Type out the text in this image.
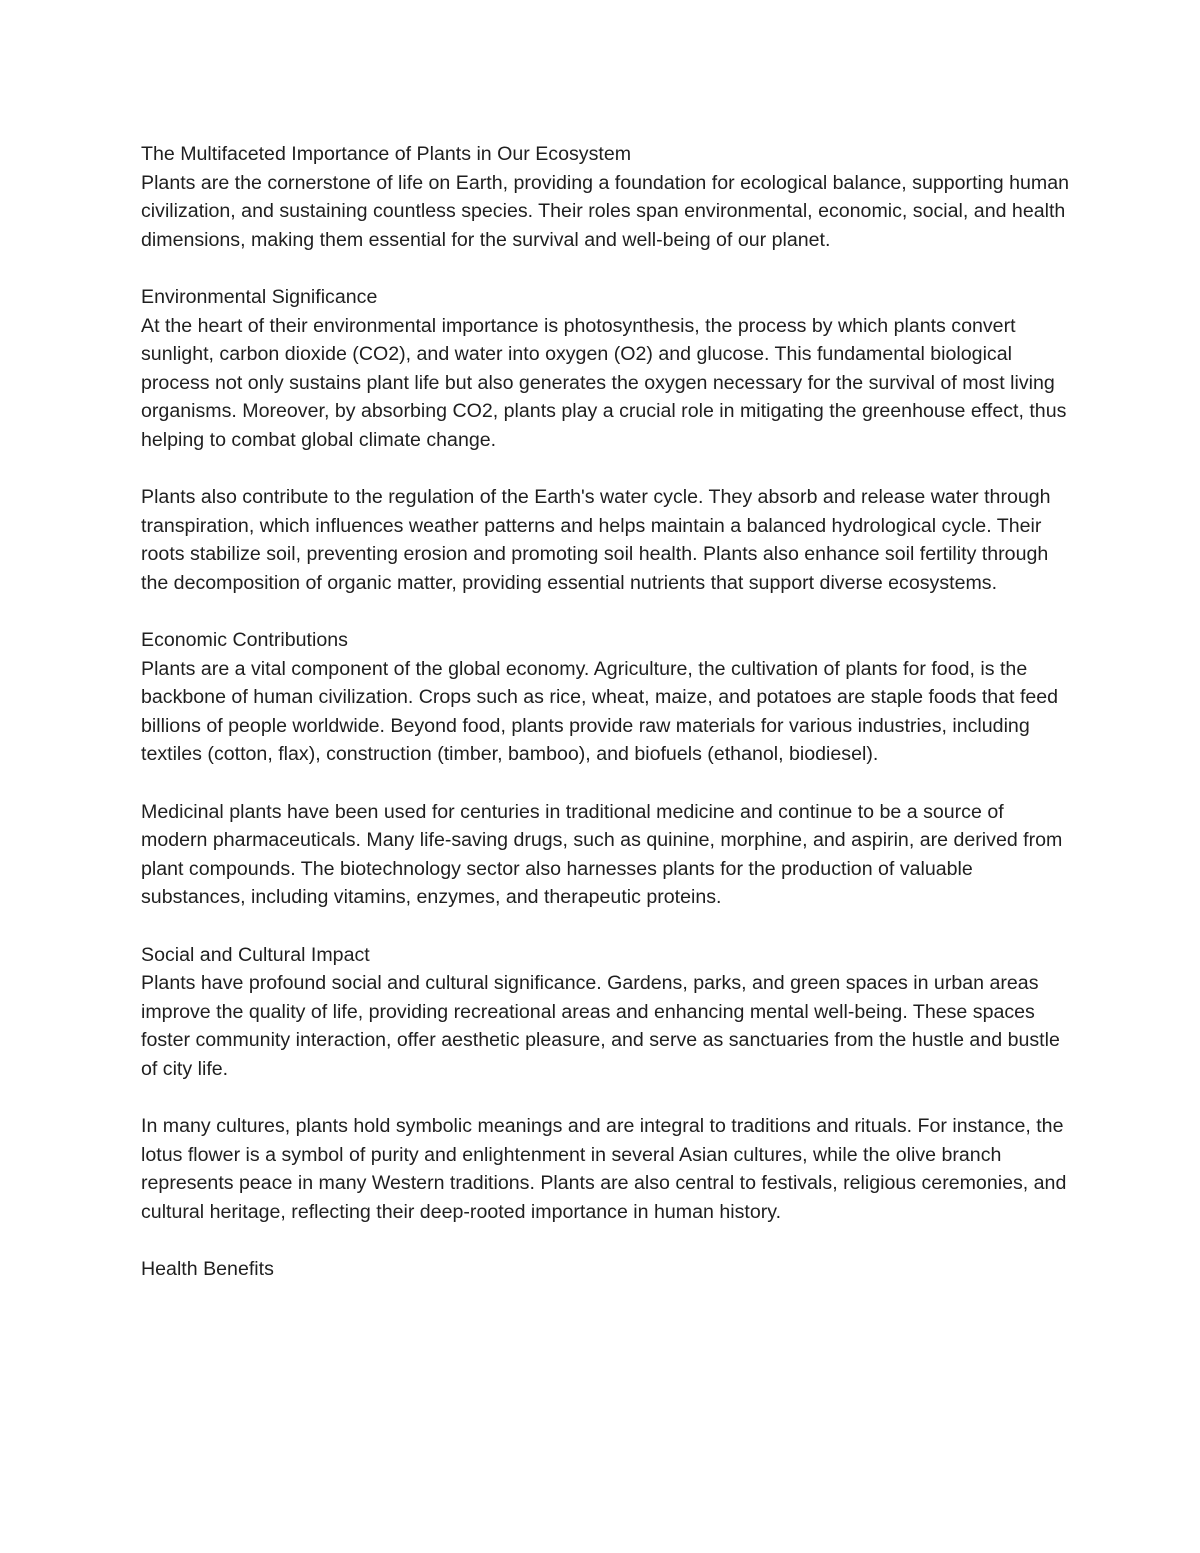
The Multifaceted Importance of Plants in Our Ecosystem

Plants are the cornerstone of life on Earth, providing a foundation for ecological balance, supporting human civilization, and sustaining countless species. Their roles span environmental, economic, social, and health dimensions, making them essential for the survival and well-being of our planet.

Environmental Significance

At the heart of their environmental importance is photosynthesis, the process by which plants convert sunlight, carbon dioxide (CO2), and water into oxygen (O2) and glucose. This fundamental biological process not only sustains plant life but also generates the oxygen necessary for the survival of most living organisms. Moreover, by absorbing CO2, plants play a crucial role in mitigating the greenhouse effect, thus helping to combat global climate change.

Plants also contribute to the regulation of the Earth's water cycle. They absorb and release water through transpiration, which influences weather patterns and helps maintain a balanced hydrological cycle. Their roots stabilize soil, preventing erosion and promoting soil health. Plants also enhance soil fertility through the decomposition of organic matter, providing essential nutrients that support diverse ecosystems.

Economic Contributions

Plants are a vital component of the global economy. Agriculture, the cultivation of plants for food, is the backbone of human civilization. Crops such as rice, wheat, maize, and potatoes are staple foods that feed billions of people worldwide. Beyond food, plants provide raw materials for various industries, including textiles (cotton, flax), construction (timber, bamboo), and biofuels (ethanol, biodiesel).

Medicinal plants have been used for centuries in traditional medicine and continue to be a source of modern pharmaceuticals. Many life-saving drugs, such as quinine, morphine, and aspirin, are derived from plant compounds. The biotechnology sector also harnesses plants for the production of valuable substances, including vitamins, enzymes, and therapeutic proteins.

Social and Cultural Impact

Plants have profound social and cultural significance. Gardens, parks, and green spaces in urban areas improve the quality of life, providing recreational areas and enhancing mental well-being. These spaces foster community interaction, offer aesthetic pleasure, and serve as sanctuaries from the hustle and bustle of city life.

In many cultures, plants hold symbolic meanings and are integral to traditions and rituals. For instance, the lotus flower is a symbol of purity and enlightenment in several Asian cultures, while the olive branch represents peace in many Western traditions. Plants are also central to festivals, religious ceremonies, and cultural heritage, reflecting their deep-rooted importance in human history.

Health Benefits
